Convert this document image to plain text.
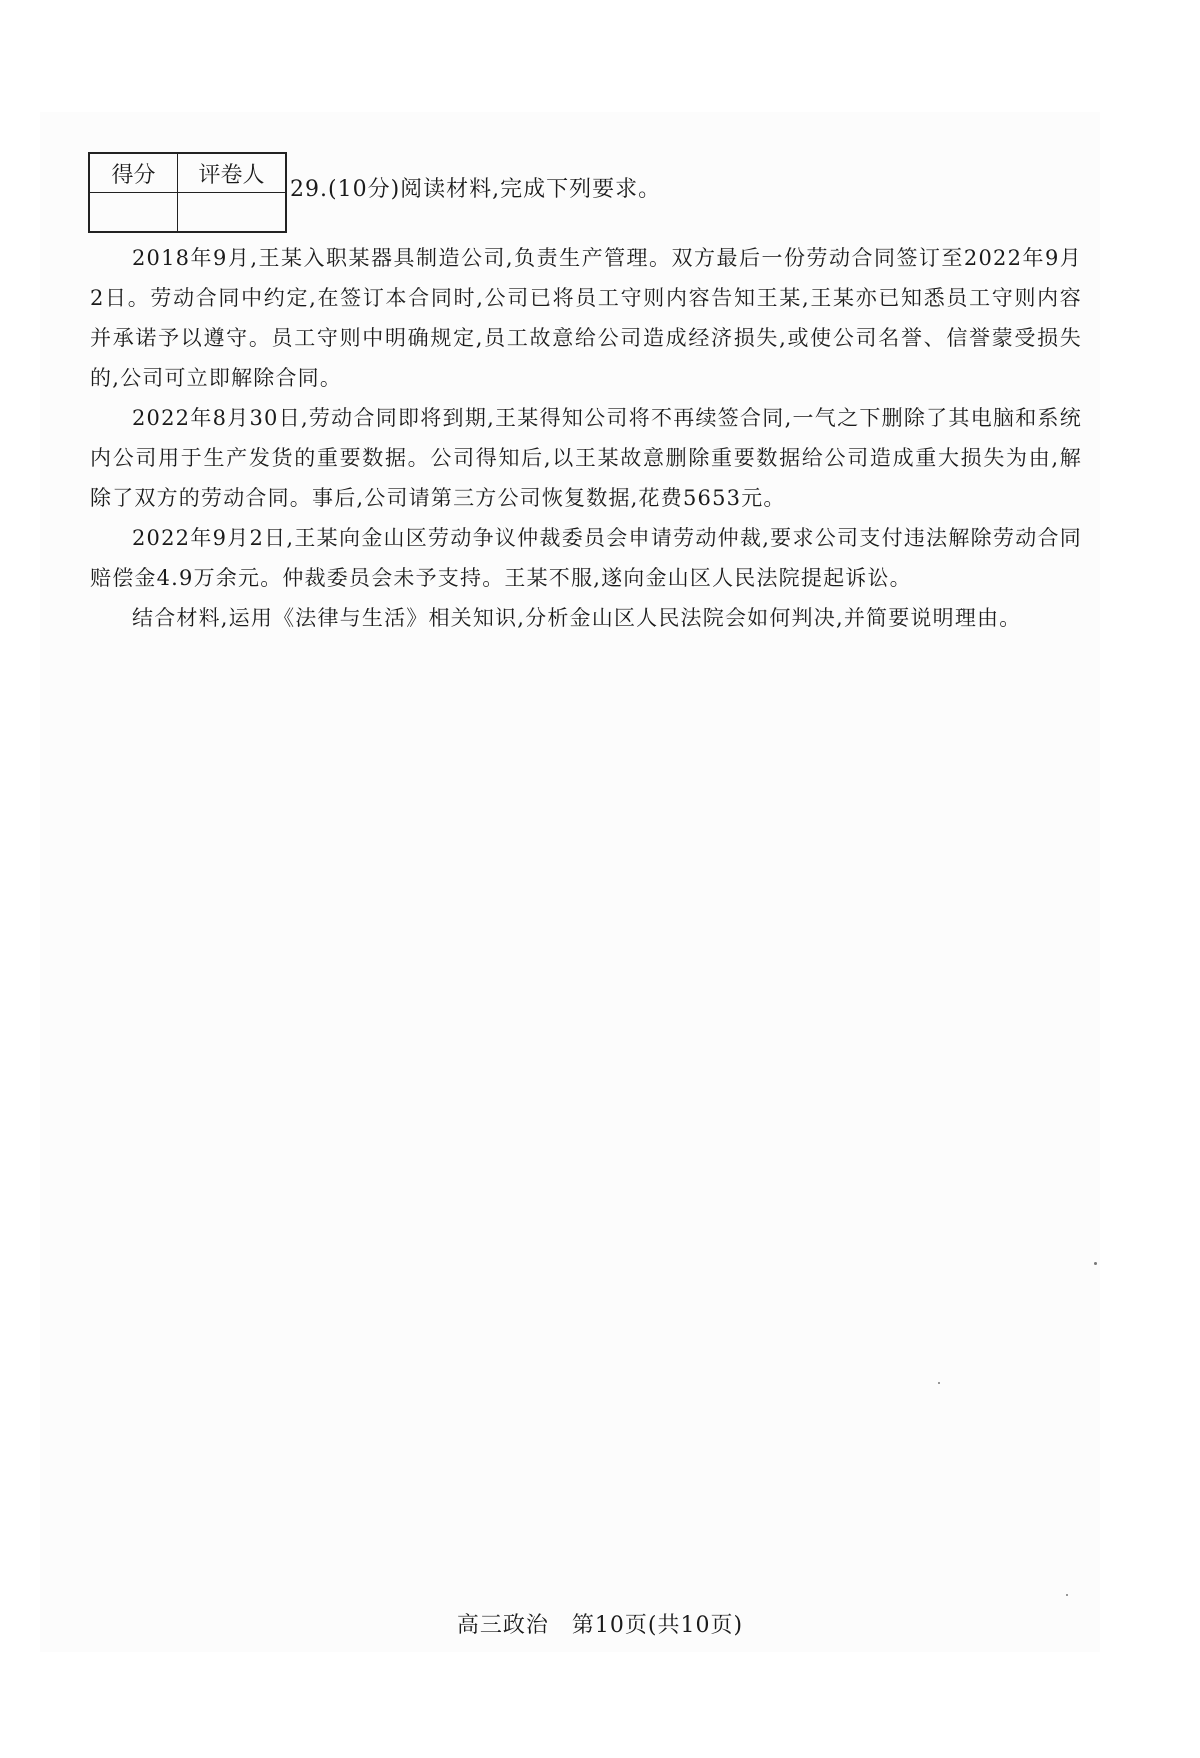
得分	评卷人

29.(10分)阅读材料,完成下列要求。

2018年9月,王某入职某器具制造公司,负责生产管理。双方最后一份劳动合同签订至2022年9月2日。劳动合同中约定,在签订本合同时,公司已将员工守则内容告知王某,王某亦已知悉员工守则内容并承诺予以遵守。员工守则中明确规定,员工故意给公司造成经济损失,或使公司名誉、信誉蒙受损失的,公司可立即解除合同。

2022年8月30日,劳动合同即将到期,王某得知公司将不再续签合同,一气之下删除了其电脑和系统内公司用于生产发货的重要数据。公司得知后,以王某故意删除重要数据给公司造成重大损失为由,解除了双方的劳动合同。事后,公司请第三方公司恢复数据,花费5653元。

2022年9月2日,王某向金山区劳动争议仲裁委员会申请劳动仲裁,要求公司支付违法解除劳动合同赔偿金4.9万余元。仲裁委员会未予支持。王某不服,遂向金山区人民法院提起诉讼。

结合材料,运用《法律与生活》相关知识,分析金山区人民法院会如何判决,并简要说明理由。

高三政治　第10页(共10页)
